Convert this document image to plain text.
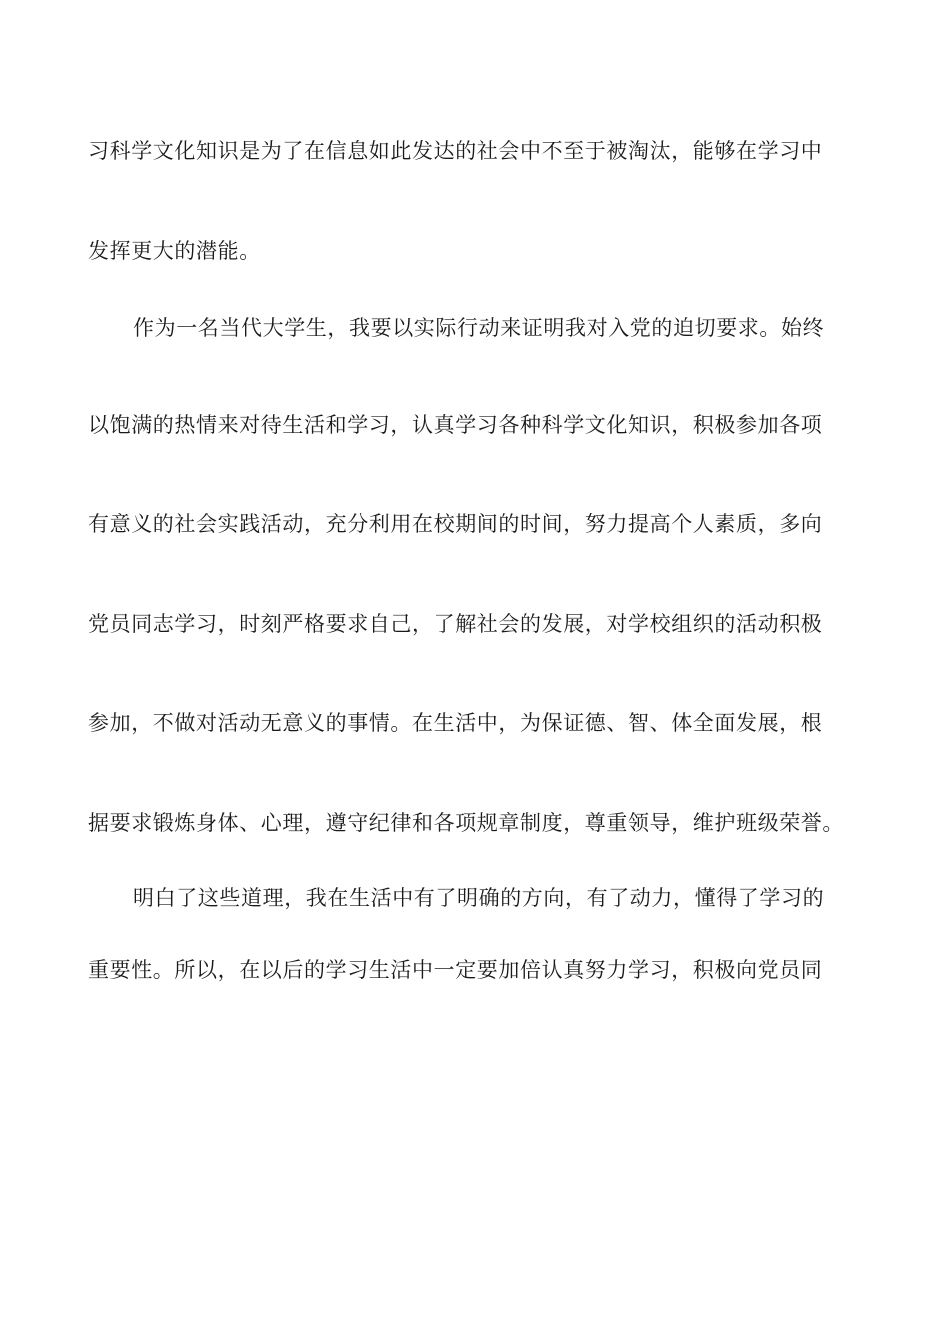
习科学文化知识是为了在信息如此发达的社会中不至于被淘汰，能够在学习中
发挥更大的潜能。
作为一名当代大学生，我要以实际行动来证明我对入党的迫切要求。始终
以饱满的热情来对待生活和学习，认真学习各种科学文化知识，积极参加各项
有意义的社会实践活动，充分利用在校期间的时间，努力提高个人素质，多向
党员同志学习，时刻严格要求自己，了解社会的发展，对学校组织的活动积极
参加，不做对活动无意义的事情。在生活中，为保证德、智、体全面发展，根
据要求锻炼身体、心理，遵守纪律和各项规章制度，尊重领导，维护班级荣誉。
明白了这些道理，我在生活中有了明确的方向，有了动力，懂得了学习的
重要性。所以，在以后的学习生活中一定要加倍认真努力学习，积极向党员同
